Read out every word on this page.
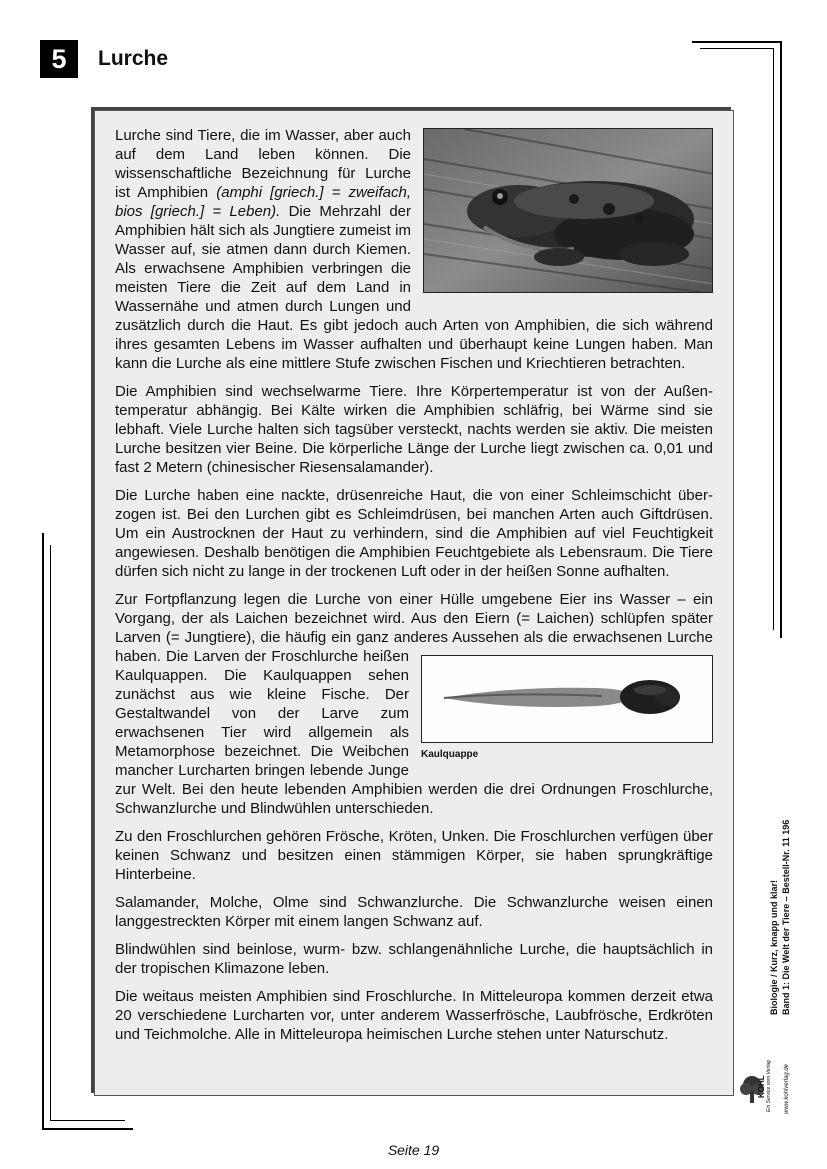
5 Lurche

Lurche sind Tiere, die im Wasser, aber auch auf dem Land leben können. Die wissenschaftliche Bezeichnung für Lurche ist Amphibien (amphi [griech.] = zweifach, bios [griech.] = Leben). Die Mehrzahl der Amphibien hält sich als Jungtiere zumeist im Wasser auf, sie atmen dann durch Kiemen. Als erwachsene Amphibien verbringen die meisten Tiere die Zeit auf dem Land in Wassernähe und atmen durch Lungen und zusätzlich durch die Haut. Es gibt jedoch auch Arten von Amphibien, die sich während ihres gesamten Lebens im Wasser aufhalten und überhaupt keine Lungen haben. Man kann die Lurche als eine mittlere Stufe zwischen Fischen und Kriechtieren betrachten.

Die Amphibien sind wechselwarme Tiere. Ihre Körpertemperatur ist von der Außentemperatur abhängig. Bei Kälte wirken die Amphibien schläfrig, bei Wärme sind sie lebhaft. Viele Lurche halten sich tagsüber versteckt, nachts werden sie aktiv. Die meisten Lurche besitzen vier Beine. Die körperliche Länge der Lurche liegt zwischen ca. 0,01 und fast 2 Metern (chinesischer Riesensalamander).

Die Lurche haben eine nackte, drüsenreiche Haut, die von einer Schleimschicht überzogen ist. Bei den Lurchen gibt es Schleimdrüsen, bei manchen Arten auch Giftdrüsen. Um ein Austrocknen der Haut zu verhindern, sind die Amphibien auf viel Feuchtigkeit angewiesen. Deshalb benötigen die Amphibien Feuchtgebiete als Lebensraum. Die Tiere dürfen sich nicht zu lange in der trockenen Luft oder in der heißen Sonne aufhalten.

Zur Fortpflanzung legen die Lurche von einer Hülle umgebene Eier ins Wasser – ein Vorgang, der als Laichen bezeichnet wird. Aus den Eiern (= Laichen) schlüpfen später Larven (= Jungtiere), die häufig ein ganz anderes Aussehen als die erwachsenen Lurche haben.
Kaulquappe
Die Larven der Froschlurche heißen Kaulquappen. Die Kaulquappen sehen zunächst aus wie kleine Fische. Der Gestaltwandel von der Larve zum erwachsenen Tier wird allgemein als Metamorphose bezeichnet. Die Weibchen mancher Lurcharten bringen lebende Junge zur Welt. Bei den heute lebenden Amphibien werden die drei Ordnungen Froschlurche, Schwanzlurche und Blindwühlen unterschieden.

Zu den Froschlurchen gehören Frösche, Kröten, Unken. Die Froschlurchen verfügen über keinen Schwanz und besitzen einen stämmigen Körper, sie haben sprungkräftige Hinterbeine.

Salamander, Molche, Olme sind Schwanzlurche. Die Schwanzlurche weisen einen langgestreckten Körper mit einem langen Schwanz auf.

Blindwühlen sind beinlose, wurm- bzw. schlangenähnliche Lurche, die hauptsächlich in der tropischen Klimazone leben.

Die weitaus meisten Amphibien sind Froschlurche. In Mitteleuropa kommen derzeit etwa 20 verschiedene Lurcharten vor, unter anderem Wasserfrösche, Laubfrösche, Erdkröten und Teichmolche. Alle in Mitteleuropa heimischen Lurche stehen unter Naturschutz.

Biologie / Kurz, knapp und klar! Band 1: Die Welt der Tiere – Bestell-Nr. 11 196
KOHL Ein Service vom Verlag www.kohlverlag.de
Seite 19
